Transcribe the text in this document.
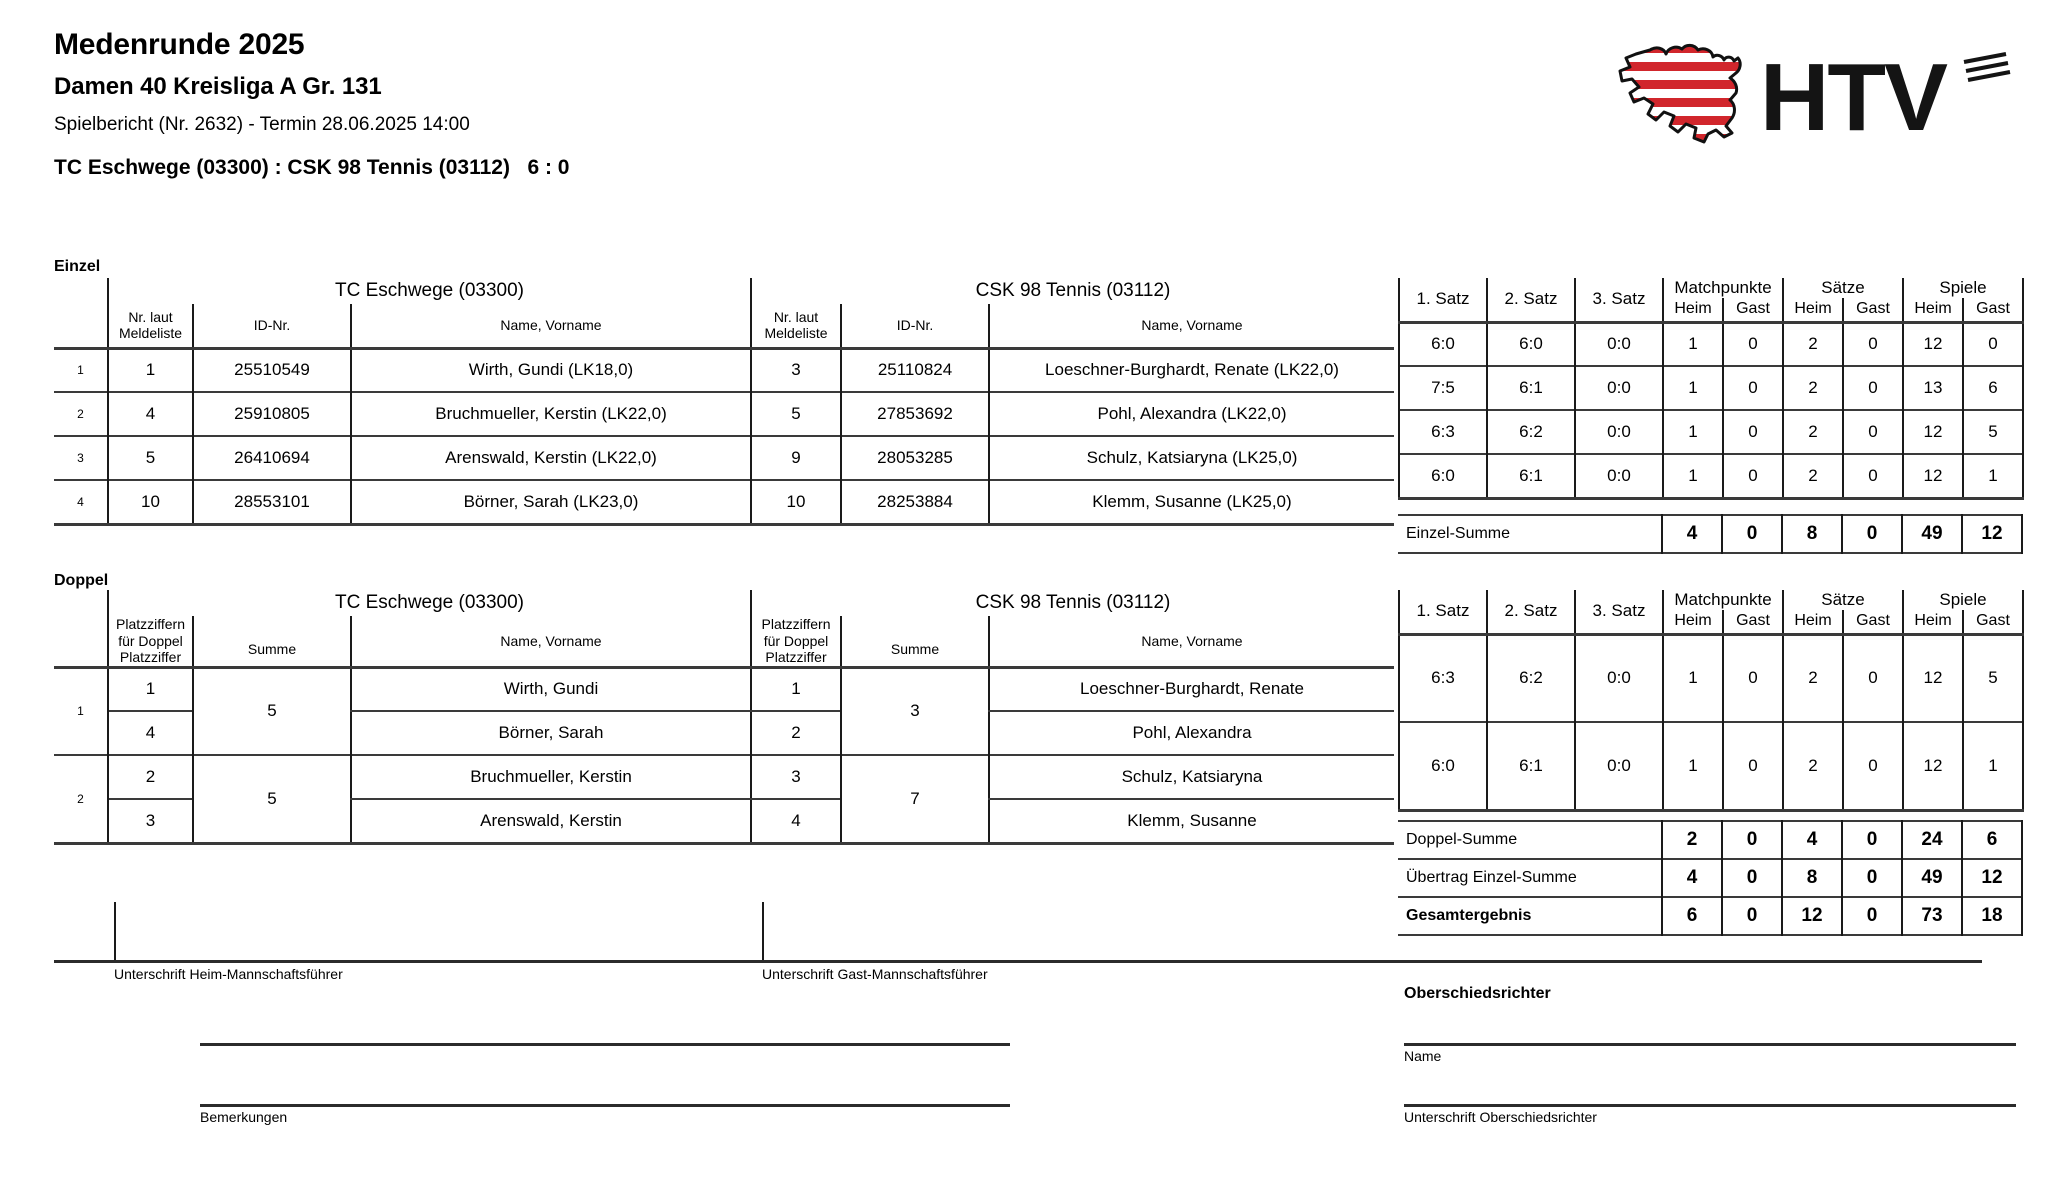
Medenrunde 2025
Damen 40 Kreisliga A Gr. 131
Spielbericht (Nr. 2632) - Termin 28.06.2025 14:00
TC Eschwege (03300) : CSK 98 Tennis (03112)   6 : 0
HTV
Einzel
	TC Eschwege (03300)			CSK 98 Tennis (03112)		

Nr. laut
Meldeliste
	ID-Nr.	Name, Vorname	
Nr. laut
Meldeliste
	ID-Nr.	Name, Vorname
1	1	25510549	Wirth, Gundi (LK18,0)	3	25110824	Loeschner-Burghardt, Renate (LK22,0)
2	4	25910805	Bruchmueller, Kerstin (LK22,0)	5	27853692	Pohl, Alexandra (LK22,0)
3	5	26410694	Arenswald, Kerstin (LK22,0)	9	28053285	Schulz, Katsiaryna (LK25,0)
4	10	28553101	Börner, Sarah (LK23,0)	10	28253884	Klemm, Susanne (LK25,0)
1. Satz	2. Satz	3. Satz	Matchpunkte		Sätze		Spiele	
			Heim	Gast	Heim	Gast	Heim	Gast
6:0	6:0	0:0	1	0	2	0	12	0
7:5	6:1	0:0	1	0	2	0	13	6
6:3	6:2	0:0	1	0	2	0	12	5
6:0	6:1	0:0	1	0	2	0	12	1
Einzel-Summe	4	0	8	0	49	12
Doppel
	TC Eschwege (03300)			CSK 98 Tennis (03112)		

Platzziffern für Doppel
Platzziffer

Summe
	Name, Vorname	
Platzziffern für Doppel
Platzziffer

Summe
	Name, Vorname
1	1	5	Wirth, Gundi	1	3	Loeschner-Burghardt, Renate
	4		Börner, Sarah	2		Pohl, Alexandra
2	2	5	Bruchmueller, Kerstin	3	7	Schulz, Katsiaryna
	3		Arenswald, Kerstin	4		Klemm, Susanne
1. Satz	2. Satz	3. Satz	Matchpunkte		Sätze		Spiele	
			Heim	Gast	Heim	Gast	Heim	Gast
6:3	6:2	0:0	1	0	2	0	12	5
6:0	6:1	0:0	1	0	2	0	12	1
Doppel-Summe	2	0	4	0	24	6
Übertrag Einzel-Summe	4	0	8	0	49	12
Gesamtergebnis	6	0	12	0	73	18
Unterschrift Heim-Mannschaftsführer	Unterschrift Gast-Mannschaftsführer
Oberschiedsrichter
Name
Bemerkungen	Unterschrift Oberschiedsrichter
